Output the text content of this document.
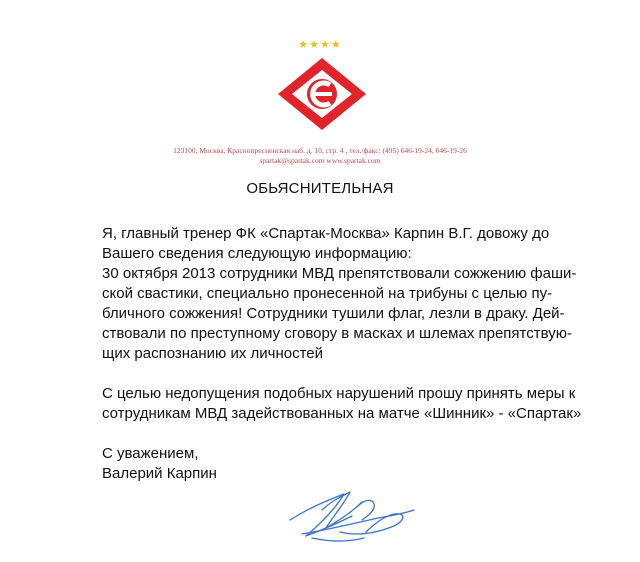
★★★★
123100, Москва, Краснопресненская наб. д. 10, стр. 4 , тел./факс: (495) 646-19-24, 646-19-26
spartak@spartak.com www.spartak.com
ОБЬЯСНИТЕЛЬНАЯ

Я, главный тренер ФК «Спартак-Москва» Карпин В.Г. довожу до

Вашего сведения следующую информацию:

30 октября 2013 сотрудники МВД препятствовали сожжению фаши-

ской свастики, специально пронесенной на трибуны с целью пу-

бличного сожжения! Сотрудники тушили флаг, лезли в драку. Дей-

ствовали по преступному сговору в масках и шлемах препятствую-

щих распознанию их личностей

С целью недопущения подобных нарушений прошу принять меры к

сотрудникам МВД задействованных на матче «Шинник» - «Спартак»

С уважением,

Валерий Карпин
